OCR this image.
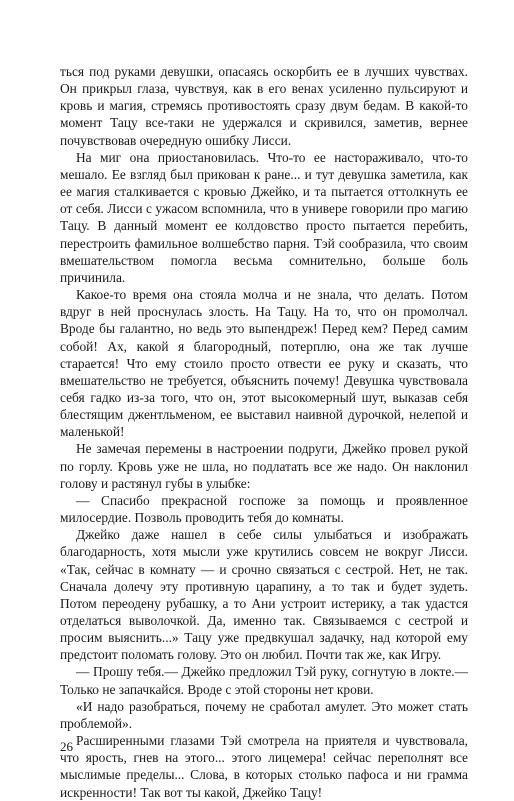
ться под руками девушки, опасаясь оскорбить ее в лучших чувствах. Он прикрыл глаза, чувствуя, как в его венах усиленно пульсируют и кровь и магия, стремясь противостоять сразу двум бедам. В какой-то момент Тацу все-таки не удержался и скривился, заметив, вернее почувствовав очередную ошибку Лисси.

На миг она приостановилась. Что-то ее настораживало, что-то мешало. Ее взгляд был прикован к ране... и тут девушка заметила, как ее магия сталкивается с кровью Джейко, и та пытается оттолкнуть ее от себя. Лисси с ужасом вспомнила, что в универе говорили про магию Тацу. В данный момент ее колдовство просто пытается перебить, перестроить фамильное волшебство парня. Тэй сообразила, что своим вмешательством помогла весьма сомнительно, больше боль причинила.

Какое-то время она стояла молча и не знала, что делать. Потом вдруг в ней проснулась злость. На Тацу. На то, что он промолчал. Вроде бы галантно, но ведь это выпендреж! Перед кем? Перед самим собой! Ах, какой я благородный, потерплю, она же так лучше старается! Что ему стоило просто отвести ее руку и сказать, что вмешательство не требуется, объяснить почему! Девушка чувствовала себя гадко из-за того, что он, этот высокомерный шут, выказав себя блестящим джентльменом, ее выставил наивной дурочкой, нелепой и маленькой!

Не замечая перемены в настроении подруги, Джейко провел рукой по горлу. Кровь уже не шла, но подлатать все же надо. Он наклонил голову и растянул губы в улыбке:

— Спасибо прекрасной госпоже за помощь и проявленное милосердие. Позволь проводить тебя до комнаты.

Джейко даже нашел в себе силы улыбаться и изображать благодарность, хотя мысли уже крутились совсем не вокруг Лисси. «Так, сейчас в комнату — и срочно связаться с сестрой. Нет, не так. Сначала долечу эту противную царапину, а то так и будет зудеть. Потом переодену рубашку, а то Ани устроит истерику, а так удастся отделаться выволочкой. Да, именно так. Связываемся с сестрой и просим выяснить...» Тацу уже предвкушал задачку, над которой ему предстоит поломать голову. Это он любил. Почти так же, как Игру.

— Прошу тебя.— Джейко предложил Тэй руку, согнутую в локте.— Только не запачкайся. Вроде с этой стороны нет крови.

«И надо разобраться, почему не сработал амулет. Это может стать проблемой».

Расширенными глазами Тэй смотрела на приятеля и чувствовала, что ярость, гнев на этого... этого лицемера! сейчас переполнят все мыслимые пределы... Слова, в которых столько пафоса и ни грамма искренности! Так вот ты какой, Джейко Тацу!

26
